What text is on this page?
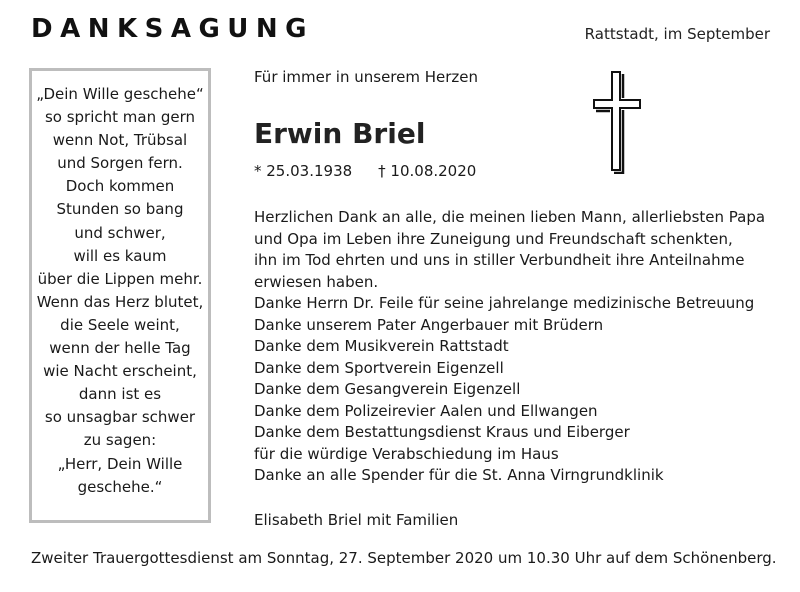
DANKSAGUNG	Rattstadt, im September
„Dein Wille geschehe“
so spricht man gern
wenn Not, Trübsal
und Sorgen fern.
Doch kommen
Stunden so bang
und schwer,
will es kaum
über die Lippen mehr.
Wenn das Herz blutet,
die Seele weint,
wenn der helle Tag
wie Nacht erscheint,
dann ist es
so unsagbar schwer
zu sagen:
„Herr, Dein Wille
geschehe.“
Für immer in unserem Herzen
Erwin Briel
* 25.03.1938 † 10.08.2020
Herzlichen Dank an alle, die meinen lieben Mann, allerliebsten Papa
und Opa im Leben ihre Zuneigung und Freundschaft schenkten,
ihn im Tod ehrten und uns in stiller Verbundheit ihre Anteilnahme
erwiesen haben.
Danke Herrn Dr. Feile für seine jahrelange medizinische Betreuung
Danke unserem Pater Angerbauer mit Brüdern
Danke dem Musikverein Rattstadt
Danke dem Sportverein Eigenzell
Danke dem Gesangverein Eigenzell
Danke dem Polizeirevier Aalen und Ellwangen
Danke dem Bestattungsdienst Kraus und Eiberger
für die würdige Verabschiedung im Haus
Danke an alle Spender für die St. Anna Virngrundklinik
Elisabeth Briel mit Familien
Zweiter Trauergottesdienst am Sonntag, 27. September 2020 um 10.30 Uhr auf dem Schönenberg.
